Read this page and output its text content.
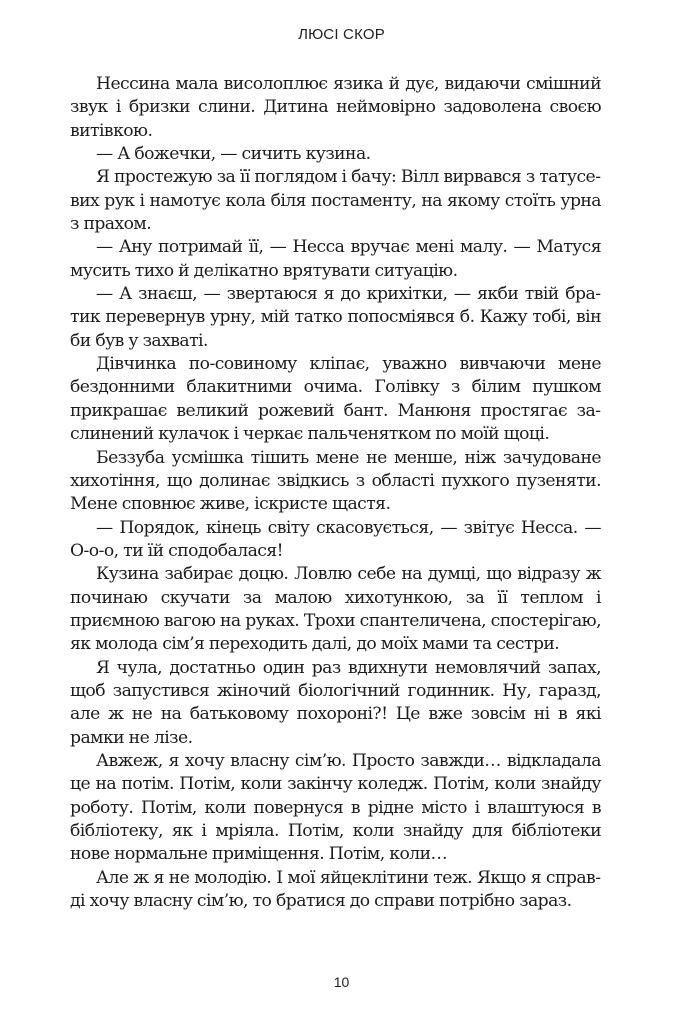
ЛЮСІ СКОР

Нессина мала висолоплює язика й дує, видаючи смішний звук і бризки слини. Дитина неймовірно задоволена своєю витівкою.

— А божечки, — сичить кузина.

Я простежую за її поглядом і бачу: Вілл вирвався з татусевих рук і намотує кола біля постаменту, на якому стоїть урна з прахом.

— Ану потримай її, — Несса вручає мені малу. — Матуся мусить тихо й делікатно врятувати ситуацію.

— А знаєш, — звертаюся я до крихітки, — якби твій братик перевернув урну, мій татко попосміявся б. Кажу тобі, він би був у захваті.

Дівчинка по-совиному кліпає, уважно вивчаючи мене бездонними блакитними очима. Голівку з білим пушком прикрашає великий рожевий бант. Манюня простягає заслинений кулачок і черкає пальченятком по моїй щоці.

Беззуба усмішка тішить мене не менше, ніж зачудоване хихотіння, що долинає звідкись з області пухкого пузеняти. Мене сповнює живе, іскристе щастя.

— Порядок, кінець світу скасовується, — звітує Несса. — О-о-о, ти їй сподобалася!

Кузина забирає доцю. Ловлю себе на думці, що відразу ж починаю скучати за малою хихотункою, за її теплом і приємною вагою на руках. Трохи спантеличена, спостерігаю, як молода сім’я переходить далі, до моїх мами та сестри.

Я чула, достатньо один раз вдихнути немовлячий запах, щоб запустився жіночий біологічний годинник. Ну, гаразд, але ж не на батьковому похороні?! Це вже зовсім ні в які рамки не лізе.

Авжеж, я хочу власну сім’ю. Просто завжди… відкладала це на потім. Потім, коли закінчу коледж. Потім, коли знайду роботу. Потім, коли повернуся в рідне місто і влаштуюся в бібліотеку, як і мріяла. Потім, коли знайду для бібліотеки нове нормальне приміщення. Потім, коли…

Але ж я не молодію. І мої яйцеклітини теж. Якщо я справді хочу власну сім’ю, то братися до справи потрібно зараз.

10
